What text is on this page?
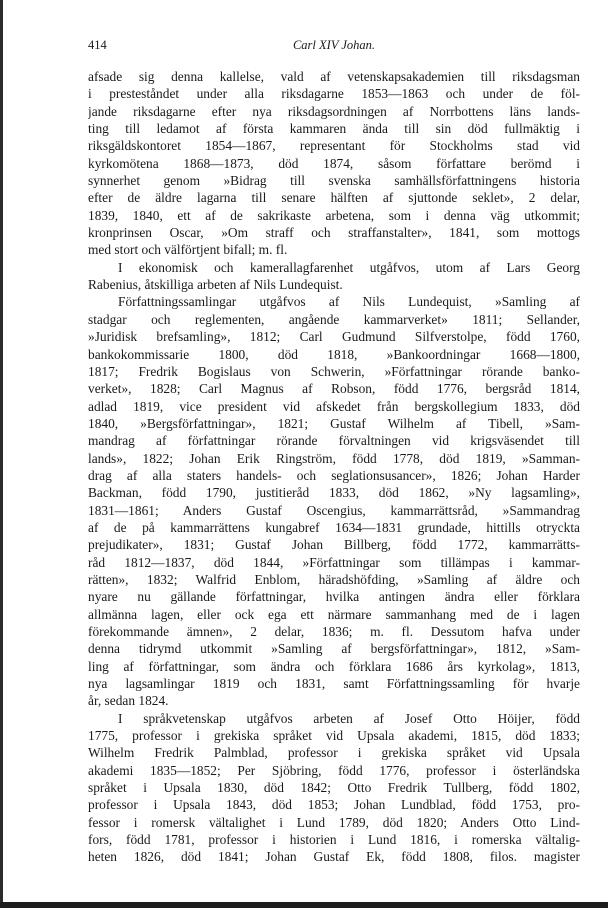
414	Carl XIV Johan.
afsade sig denna kallelse, vald af vetenskapsakademien till riksdagsman
i presteståndet under alla riksdagarne 1853—1863 och under de föl-
jande riksdagarne efter nya riksdagsordningen af Norrbottens läns lands-
ting till ledamot af första kammaren ända till sin död fullmäktig i
riksgäldskontoret 1854—1867, representant för Stockholms stad vid
kyrkomötena 1868—1873, död 1874, såsom författare berömd i
synnerhet genom »Bidrag till svenska samhällsförfattningens historia
efter de äldre lagarna till senare hälften af sjuttonde seklet», 2 delar,
1839, 1840, ett af de sakrikaste arbetena, som i denna väg utkommit;
kronprinsen Oscar, »Om straff och straffanstalter», 1841, som mottogs
med stort och välförtjent bifall; m. fl.
I ekonomisk och kamerallagfarenhet utgåfvos, utom af Lars Georg
Rabenius, åtskilliga arbeten af Nils Lundequist.
Författningssamlingar utgåfvos af Nils Lundequist, »Samling af
stadgar och reglementen, angående kammarverket» 1811; Sellander,
»Juridisk brefsamling», 1812; Carl Gudmund Silfverstolpe, född 1760,
bankokommissarie 1800, död 1818, »Bankoordningar 1668—1800,
1817; Fredrik Bogislaus von Schwerin, »Författningar rörande banko-
verket», 1828; Carl Magnus af Robson, född 1776, bergsråd 1814,
adlad 1819, vice president vid afskedet från bergskollegium 1833, död
1840, »Bergsförfattningar», 1821; Gustaf Wilhelm af Tibell, »Sam-
mandrag af författningar rörande förvaltningen vid krigsväsendet till
lands», 1822; Johan Erik Ringström, född 1778, död 1819, »Samman-
drag af alla staters handels- och seglationsusancer», 1826; Johan Harder
Backman, född 1790, justitieråd 1833, död 1862, »Ny lagsamling»,
1831—1861; Anders Gustaf Oscengius, kammarrättsråd, »Sammandrag
af de på kammarrättens kungabref 1634—1831 grundade, hittills otryckta
prejudikater», 1831; Gustaf Johan Billberg, född 1772, kammarrätts-
råd 1812—1837, död 1844, »Författningar som tillämpas i kammar-
rätten», 1832; Walfrid Enblom, häradshöfding, »Samling af äldre och
nyare nu gällande författningar, hvilka antingen ändra eller förklara
allmänna lagen, eller ock ega ett närmare sammanhang med de i lagen
förekommande ämnen», 2 delar, 1836; m. fl. Dessutom hafva under
denna tidrymd utkommit »Samling af bergsförfattningar», 1812, »Sam-
ling af författningar, som ändra och förklara 1686 års kyrkolag», 1813,
nya lagsamlingar 1819 och 1831, samt Författningssamling för hvarje
år, sedan 1824.
I språkvetenskap utgåfvos arbeten af Josef Otto Höijer, född
1775, professor i grekiska språket vid Upsala akademi, 1815, död 1833;
Wilhelm Fredrik Palmblad, professor i grekiska språket vid Upsala
akademi 1835—1852; Per Sjöbring, född 1776, professor i österländska
språket i Upsala 1830, död 1842; Otto Fredrik Tullberg, född 1802,
professor i Upsala 1843, död 1853; Johan Lundblad, född 1753, pro-
fessor i romersk vältalighet i Lund 1789, död 1820; Anders Otto Lind-
fors, född 1781, professor i historien i Lund 1816, i romerska vältalig-
heten 1826, död 1841; Johan Gustaf Ek, född 1808, filos. magister
